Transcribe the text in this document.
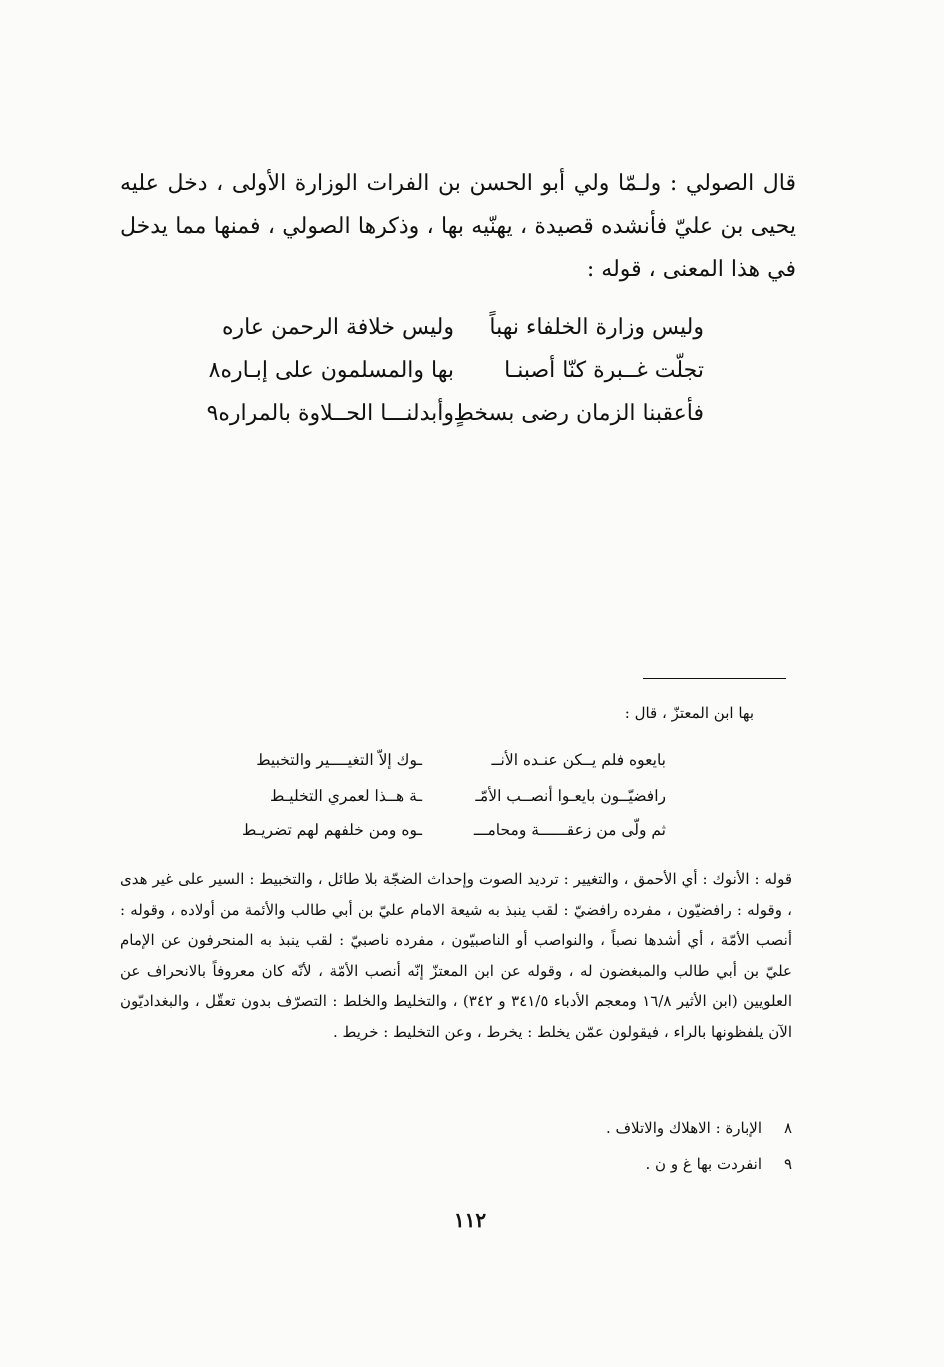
قال الصولي : ولـمّا ولي أبو الحسن بن الفرات الوزارة الأولى ، دخل عليه يحيى بن عليّ فأنشده قصيدة ، يهنّيه بها ، وذكرها الصولي ، فمنها مما يدخل في هذا المعنى ، قوله :

وليس وزارة الخلفاء نهباً
وليس خلافة الرحمن عاره
تجلّت غــبرة كنّا أصبنـا
بها والمسلمون على إبـاره٨
فأعقبنا الزمان رضى بسخطٍ
وأبدلنـــا الحــلاوة بالمراره٩
بها ابن المعتزّ ، قال :
بايعوه فلم يــكن عنـده الأنــ
ـوك إلاّ التغيــــير والتخبيط
رافضيّــون بايعـوا أنصــب الأمّـ
ـة هــذا لعمري التخليـط
ثم ولّى من زعقــــــة ومحامـــ
ـوه ومن خلفهم لهم تضريـط

قوله : الأنوك : أي الأحمق ، والتغيير : ترديد الصوت وإحداث الضجّة بلا طائل ، والتخبيط : السير على غير هدى ، وقوله : رافضيّون ، مفرده رافضيّ : لقب ينبذ به شيعة الامام عليّ بن أبي طالب والأئمة من أولاده ، وقوله : أنصب الأمّة ، أي أشدها نصباً ، والنواصب أو الناصبيّون ، مفرده ناصبيّ : لقب ينبذ به المنحرفون عن الإمام عليّ بن أبي طالب والمبغضون له ، وقوله عن ابن المعتزّ إنّه أنصب الأمّة ، لأنّه كان معروفاً بالانحراف عن العلويين (ابن الأثير ١٦/٨ ومعجم الأدباء ٣٤١/٥ و ٣٤٢) ، والتخليط والخلط : التصرّف بدون تعقّل ، والبغداديّون الآن يلفظونها بالراء ، فيقولون عمّن يخلط : يخرط ، وعن التخليط : خريط .

٨الإبارة : الاهلاك والاتلاف .
٩انفردت بها غ و ن .
١١٢
